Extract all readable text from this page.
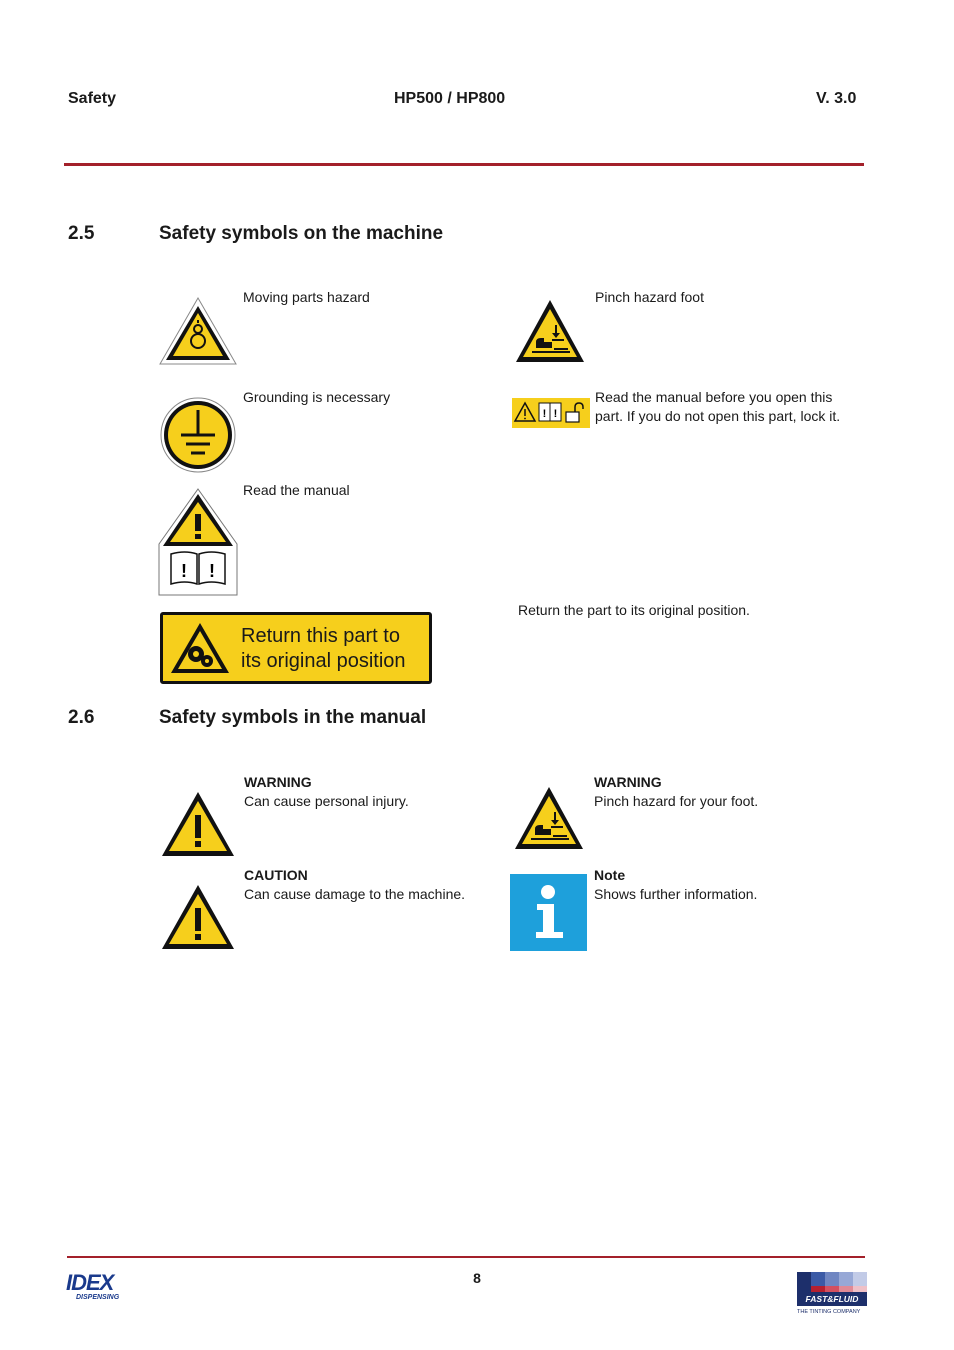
Safety	HP500 / HP800	V. 3.0
2.5	Safety symbols on the machine
Moving parts hazard	Pinch hazard foot
Grounding is necessary
! !
Read the manual before you open this part. If you do not open this part, lock it.
! !
Read the manual
Return this part to
its original position
Return the part to its original position.
2.6	Safety symbols in the manual
WARNING
Can cause personal injury.
WARNING
Pinch hazard for your foot.
CAUTION
Can cause damage to the machine.
Note
Shows further information.
8
IDEX
DISPENSING	FAST&FLUID
THE TINTING COMPANY
